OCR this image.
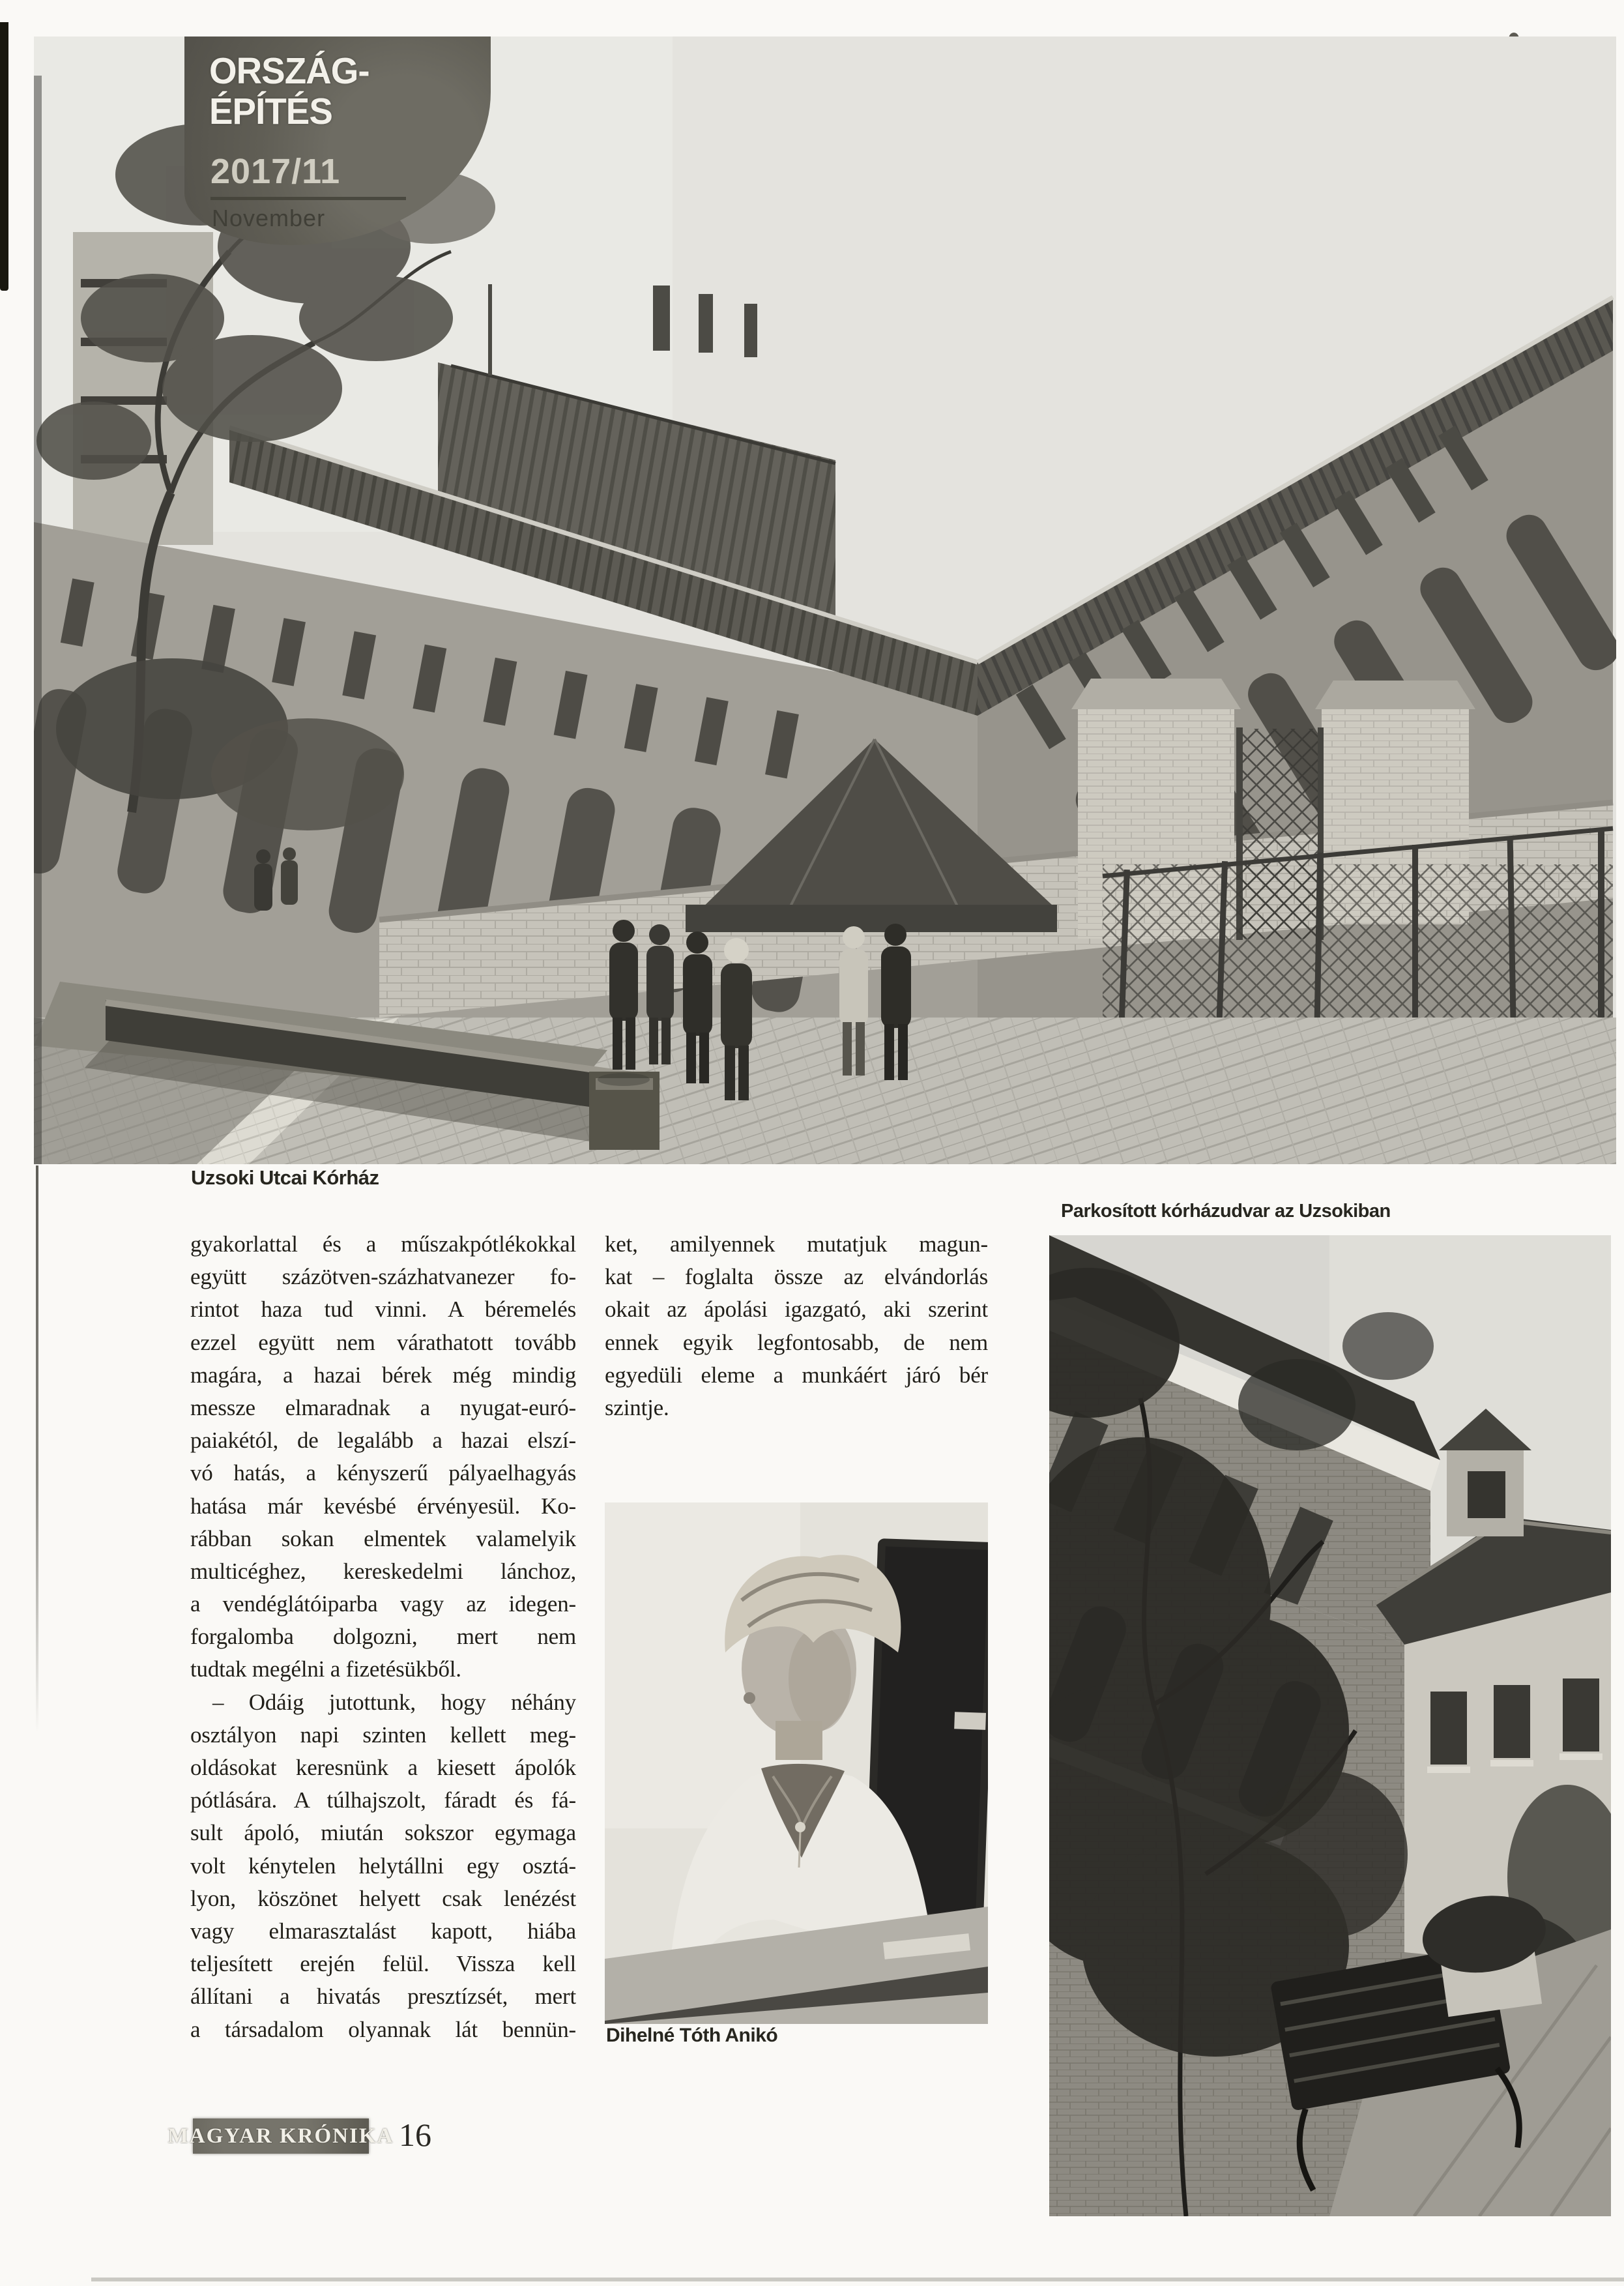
ORSZÁG-
ÉPÍTÉS
2017/11
November
Uzsoki Utcai Kórház
Parkosított kórházudvar az Uzsokiban
gyakorlattal és a műszakpótlékokkal
együtt százötven-százhatvanezer fo-
rintot haza tud vinni. A béremelés
ezzel együtt nem várathatott tovább
magára, a hazai bérek még mindig
messze elmaradnak a nyugat-euró-
paiakétól, de legalább a hazai elszí-
vó hatás, a kényszerű pályaelhagyás
hatása már kevésbé érvényesül. Ko-
rábban sokan elmentek valamelyik
multicéghez, kereskedelmi lánchoz,
a vendéglátóiparba vagy az idegen-
forgalomba dolgozni, mert nem
tudtak megélni a fizetésükből.
– Odáig jutottunk, hogy néhány
osztályon napi szinten kellett meg-
oldásokat keresnünk a kiesett ápolók
pótlására. A túlhajszolt, fáradt és fá-
sult ápoló, miután sokszor egymaga
volt kénytelen helytállni egy osztá-
lyon, köszönet helyett csak lenézést
vagy elmarasztalást kapott, hiába
teljesített erején felül. Vissza kell
állítani a hivatás presztízsét, mert
a társadalom olyannak lát bennün-
ket, amilyennek mutatjuk magun-
kat – foglalta össze az elvándorlás
okait az ápolási igazgató, aki szerint
ennek egyik legfontosabb, de nem
egyedüli eleme a munkáért járó bér
szintje.
Dihelné Tóth Anikó
MAGYAR KRÓNIKA 16
